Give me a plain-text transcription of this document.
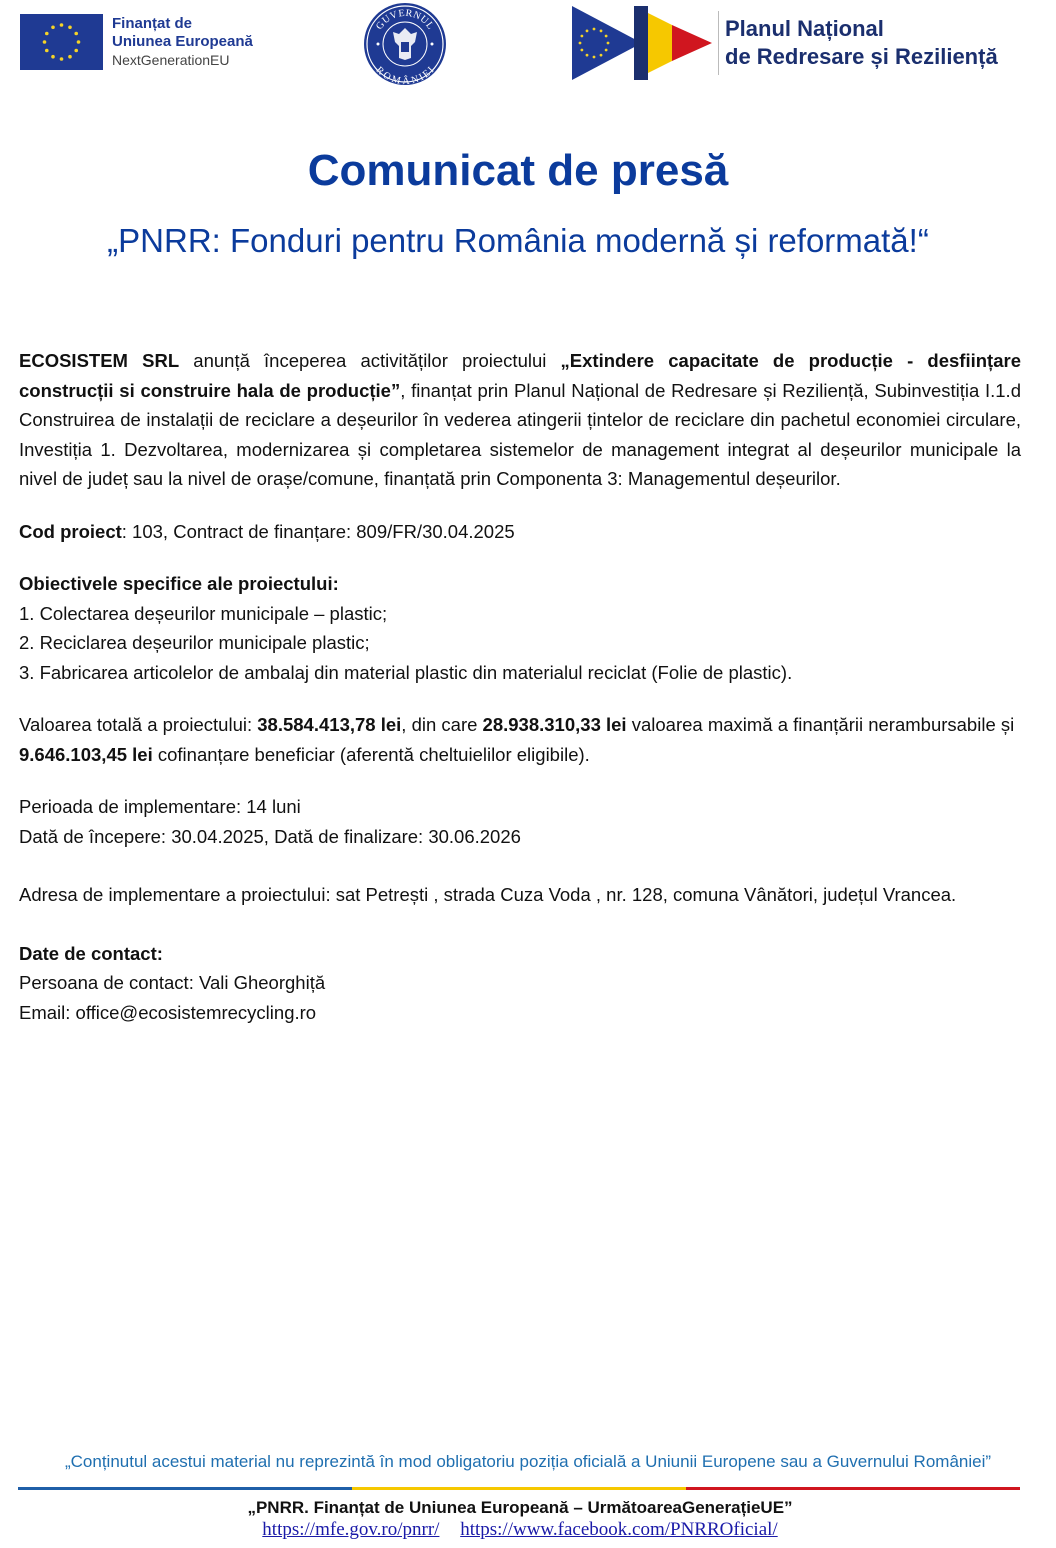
Finanțat de
Uniunea Europeană
NextGenerationEU
GUVERNUL
ROMÂNIEI
Planul Național
de Redresare și Reziliență
Comunicat de presă
„PNRR: Fonduri pentru România modernă și reformată!“

ECOSISTEM SRL anunță începerea activităților proiectului „Extindere capacitate de producție - desființare construcții si construire hala de producție”, finanțat prin Planul Național de Redresare și Reziliență, Subinvestiția I.1.d Construirea de instalații de reciclare a deșeurilor în vederea atingerii țintelor de reciclare din pachetul economiei circulare, Investiția 1. Dezvoltarea, modernizarea și completarea sistemelor de management integrat al deșeurilor municipale la nivel de județ sau la nivel de orașe/comune, finanțată prin Componenta 3: Managementul deșeurilor.

Cod proiect: 103, Contract de finanțare: 809/FR/30.04.2025

Obiectivele specifice ale proiectului:

1. Colectarea deșeurilor municipale – plastic;

2. Reciclarea deșeurilor municipale plastic;

3. Fabricarea articolelor de ambalaj din material plastic din materialul reciclat (Folie de plastic).

Valoarea totală a proiectului: 38.584.413,78 lei, din care 28.938.310,33 lei valoarea maximă a finanțării nerambursabile și 9.646.103,45 lei cofinanțare beneficiar (aferentă cheltuielilor eligibile).

Perioada de implementare: 14 luni

Dată de începere: 30.04.2025, Dată de finalizare: 30.06.2026

Adresa de implementare a proiectului: sat Petrești , strada Cuza Voda , nr. 128, comuna Vânători, județul Vrancea.

Date de contact:

Persoana de contact: Vali Gheorghiță

Email: office@ecosistemrecycling.ro

„Conținutul acestui material nu reprezintă în mod obligatoriu poziția oficială a Uniunii Europene sau a Guvernului României”
„PNRR. Finanțat de Uniunea Europeană – UrmătoareaGenerațieUE”
https://mfe.gov.ro/pnrr/ https://www.facebook.com/PNRROficial/
